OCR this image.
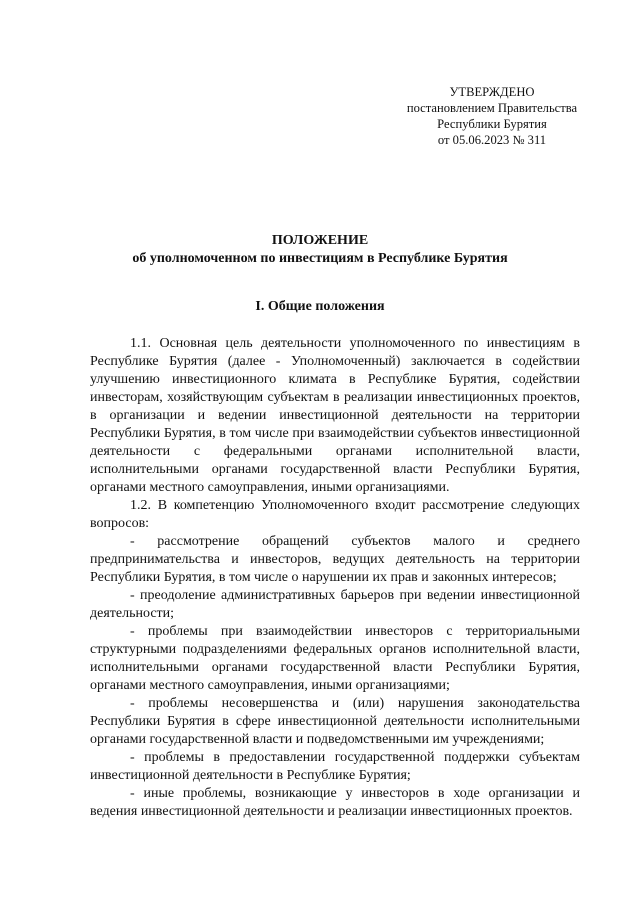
УТВЕРЖДЕНО
постановлением Правительства
Республики Бурятия
от 05.06.2023 № 311
ПОЛОЖЕНИЕ
об уполномоченном по инвестициям в Республике Бурятия
I. Общие положения

1.1. Основная цель деятельности уполномоченного по инвестициям в Республике Бурятия (далее - Уполномоченный) заключается в содействии улучшению инвестиционного климата в Республике Бурятия, содействии инвесторам, хозяйствующим субъектам в реализации инвестиционных проектов, в организации и ведении инвестиционной деятельности на территории Республики Бурятия, в том числе при взаимодействии субъектов инвестиционной деятельности с федеральными органами исполнительной власти, исполнительными органами государственной власти Республики Бурятия, органами местного самоуправления, иными организациями.

1.2. В компетенцию Уполномоченного входит рассмотрение следующих вопросов:

- рассмотрение обращений субъектов малого и среднего предпринимательства и инвесторов, ведущих деятельность на территории Республики Бурятия, в том числе о нарушении их прав и законных интересов;

- преодоление административных барьеров при ведении инвестиционной деятельности;

- проблемы при взаимодействии инвесторов с территориальными структурными подразделениями федеральных органов исполнительной власти, исполнительными органами государственной власти Республики Бурятия, органами местного самоуправления, иными организациями;

- проблемы несовершенства и (или) нарушения законодательства Республики Бурятия в сфере инвестиционной деятельности исполнительными органами государственной власти и подведомственными им учреждениями;

- проблемы в предоставлении государственной поддержки субъектам инвестиционной деятельности в Республике Бурятия;

- иные проблемы, возникающие у инвесторов в ходе организации и ведения инвестиционной деятельности и реализации инвестиционных проектов.
